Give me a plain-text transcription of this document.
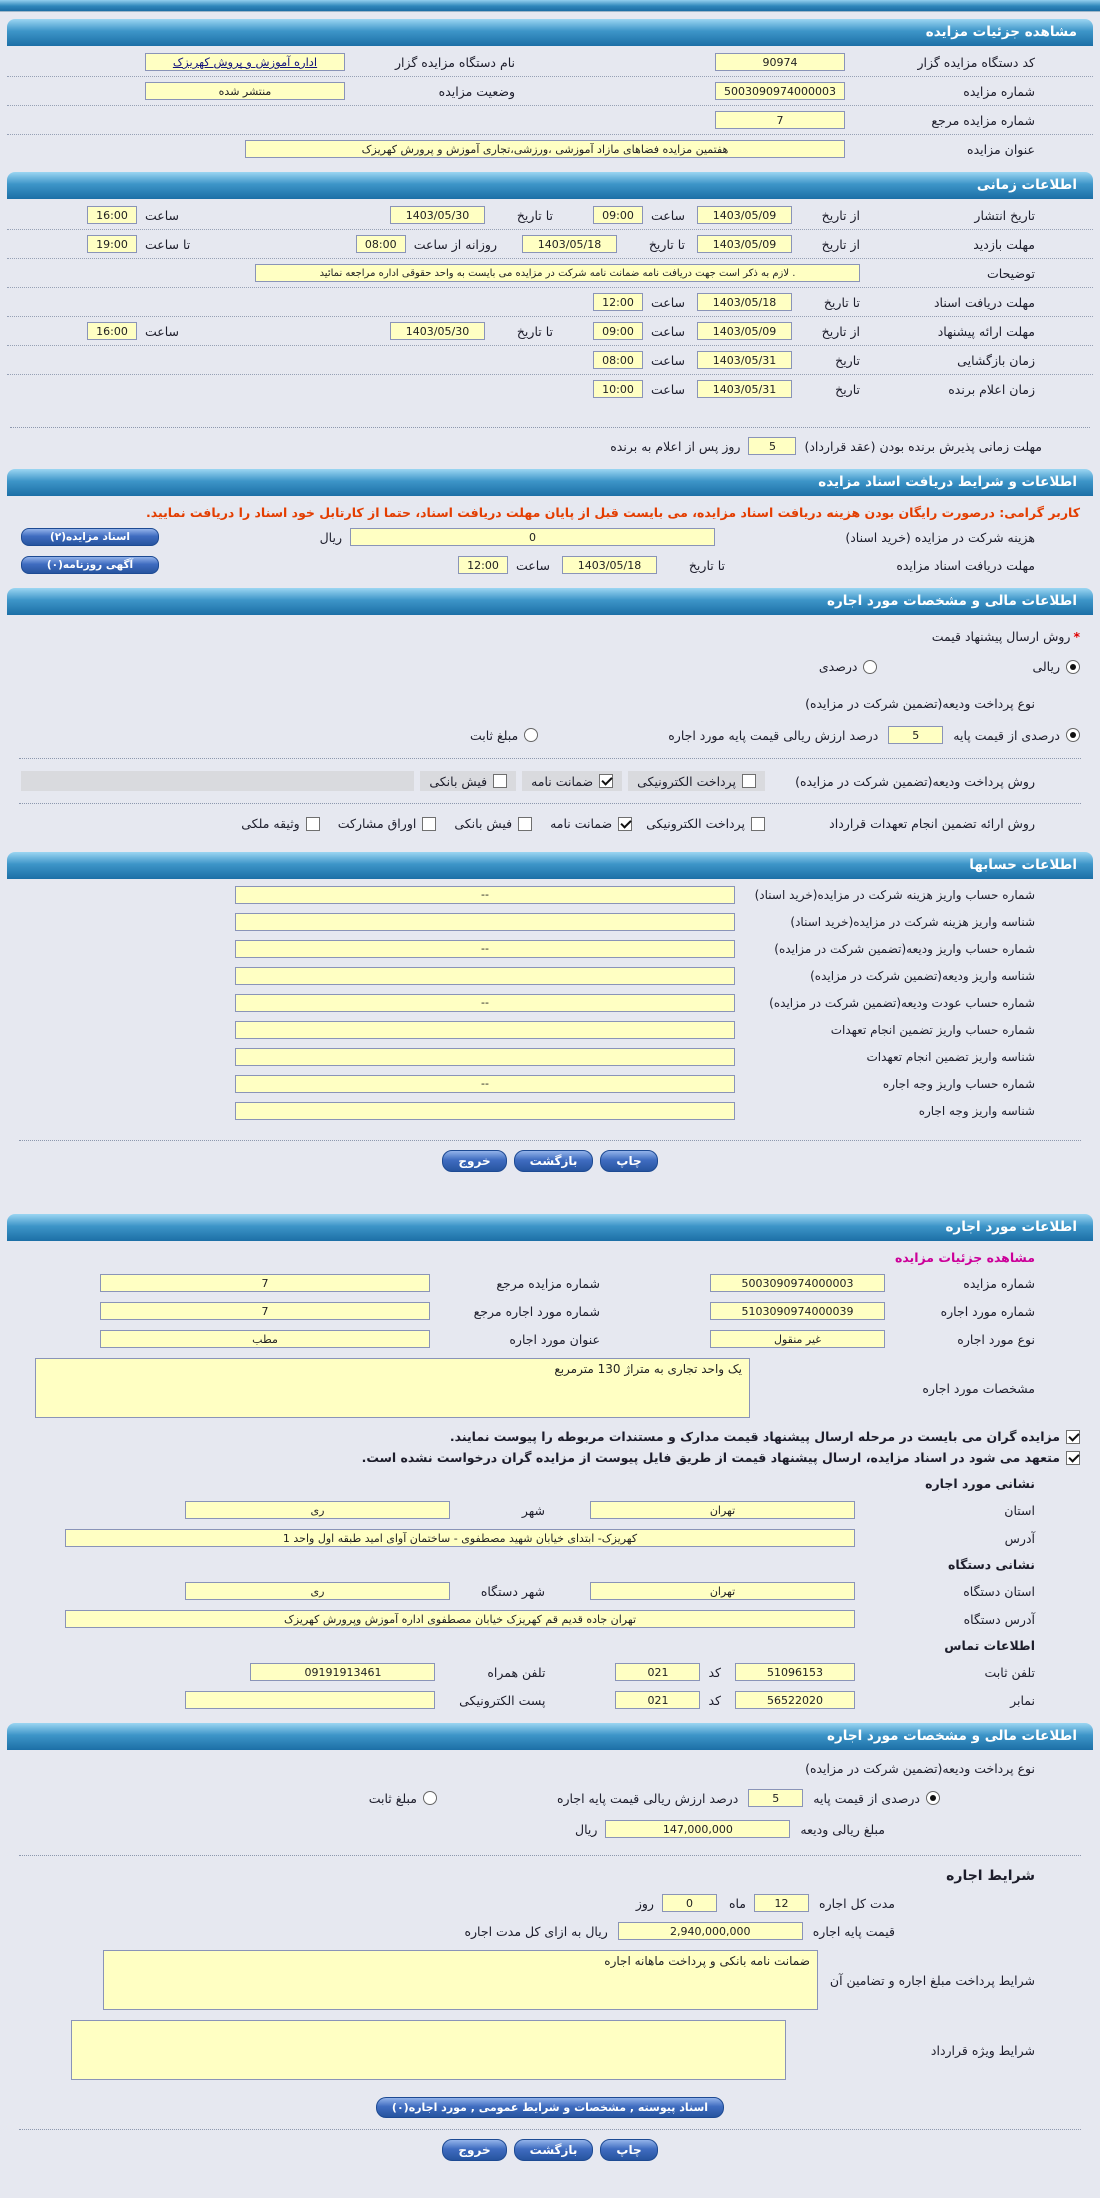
مشاهده جزئیات مزایده
کد دستگاه مزایده گزار
90974
نام دستگاه مزایده گزار
اداره آموزش و پروش کهریزک
شماره مزایده
5003090974000003
وضعیت مزایده
منتشر شده
شماره مزایده مرجع
7
عنوان مزایده
هفتمین مزایده فضاهای مازاد آموزشی ،ورزشی،تجاری آموزش و پرورش کهریزک
اطلاعات زمانی
تاریخ انتشار
از تاریخ
1403/05/09
ساعت
09:00
تا تاریخ
1403/05/30
ساعت
16:00
مهلت بازدید
از تاریخ
1403/05/09
تا تاریخ
1403/05/18
روزانه از ساعت
08:00
تا ساعت
19:00
توضیحات
. لازم به ذکر است جهت دریافت نامه ضمانت نامه شرکت در مزایده می بایست به واحد حقوقی اداره مراجعه نمائید
مهلت دریافت اسناد
تا تاریخ
1403/05/18
ساعت
12:00
مهلت ارائه پیشنهاد
از تاریخ
1403/05/09
ساعت
09:00
تا تاریخ
1403/05/30
ساعت
16:00
زمان بازگشایی
تاریخ
1403/05/31
ساعت
08:00
زمان اعلام برنده
تاریخ
1403/05/31
ساعت
10:00
مهلت زمانی پذیرش برنده بودن (عقد قرارداد)
5
روز پس از اعلام به برنده
اطلاعات و شرایط دریافت اسناد مزایده
کاربر گرامی: درصورت رایگان بودن هزینه دریافت اسناد مزایده، می بایست قبل از پایان مهلت دریافت اسناد، حتما از کارتابل خود اسناد را دریافت نمایید.
هزینه شرکت در مزایده (خرید اسناد)
0
ریال
اسناد مزایده(۲)
مهلت دریافت اسناد مزایده
تا تاریخ
1403/05/18
ساعت
12:00
آگهی روزنامه(۰)
اطلاعات مالی و مشخصات مورد اجاره
*
روش ارسال پیشنهاد قیمت
ریالی
درصدی
نوع پرداخت ودیعه(تضمین شرکت در مزایده)
درصدی از قیمت پایه
5
درصد ارزش ریالی قیمت پایه مورد اجاره
مبلغ ثابت
روش پرداخت ودیعه(تضمین شرکت در مزایده)
پرداخت الکترونیکی
ضمانت نامه
فیش بانکی
روش ارائه تضمین انجام تعهدات قرارداد
پرداخت الکترونیکی
ضمانت نامه
فیش بانکی
اوراق مشارکت
وثیقه ملکی
اطلاعات حسابها
شماره حساب واریز هزینه شرکت در مزایده(خرید اسناد)
--
شناسه واریز هزینه شرکت در مزایده(خرید اسناد)
شماره حساب واریز ودیعه(تضمین شرکت در مزایده)
--
شناسه واریز ودیعه(تضمین شرکت در مزایده)
شماره حساب عودت ودیعه(تضمین شرکت در مزایده)
--
شماره حساب واریز تضمین انجام تعهدات
شناسه واریز تضمین انجام تعهدات
شماره حساب واریز وجه اجاره
--
شناسه واریز وجه اجاره
چاپ
بازگشت
خروج
اطلاعات مورد اجاره
مشاهده جزئیات مزایده
شماره مزایده
5003090974000003
شماره مزایده مرجع
7
شماره مورد اجاره
5103090974000039
شماره مورد اجاره مرجع
7
نوع مورد اجاره
غیر منقول
عنوان مورد اجاره
مطب
مشخصات مورد اجاره
یک واحد تجاری به متراژ 130 مترمربع
مزایده گران می بایست در مرحله ارسال پیشنهاد قیمت مدارک و مستندات مربوطه را پیوست نمایند.
متعهد می شود در اسناد مزایده، ارسال پیشنهاد قیمت از طریق فایل پیوست از مزایده گران درخواست نشده است.
نشانی مورد اجاره
استان
تهران
شهر
ری
آدرس
کهریزک- ابتدای خیابان شهید مصطفوی - ساختمان آوای امید طبقه اول واحد 1
نشانی دستگاه
استان دستگاه
تهران
شهر دستگاه
ری
آدرس دستگاه
تهران جاده قدیم قم کهریزک خیابان مصطفوی اداره آموزش وپرورش کهریزک
اطلاعات تماس
تلفن ثابت
51096153
کد
021
تلفن همراه
09191913461
نمابر
56522020
کد
021
پست الکترونیکی
اطلاعات مالی و مشخصات مورد اجاره
نوع پرداخت ودیعه(تضمین شرکت در مزایده)
درصدی از قیمت پایه
5
درصد ارزش ریالی قیمت پایه اجاره
مبلغ ثابت
مبلغ ریالی ودیعه
147,000,000
ریال
شرایط اجاره
مدت کل اجاره
12
ماه
0
روز
قیمت پایه اجاره
2,940,000,000
ریال به ازای کل مدت اجاره
شرایط پرداخت مبلغ اجاره و تضامین آن
ضمانت نامه بانکی و پرداخت ماهانه اجاره
شرایط ویژه قرارداد
اسناد پیوسته , مشخصات و شرایط عمومی , مورد اجاره(۰)
چاپ
بازگشت
خروج
